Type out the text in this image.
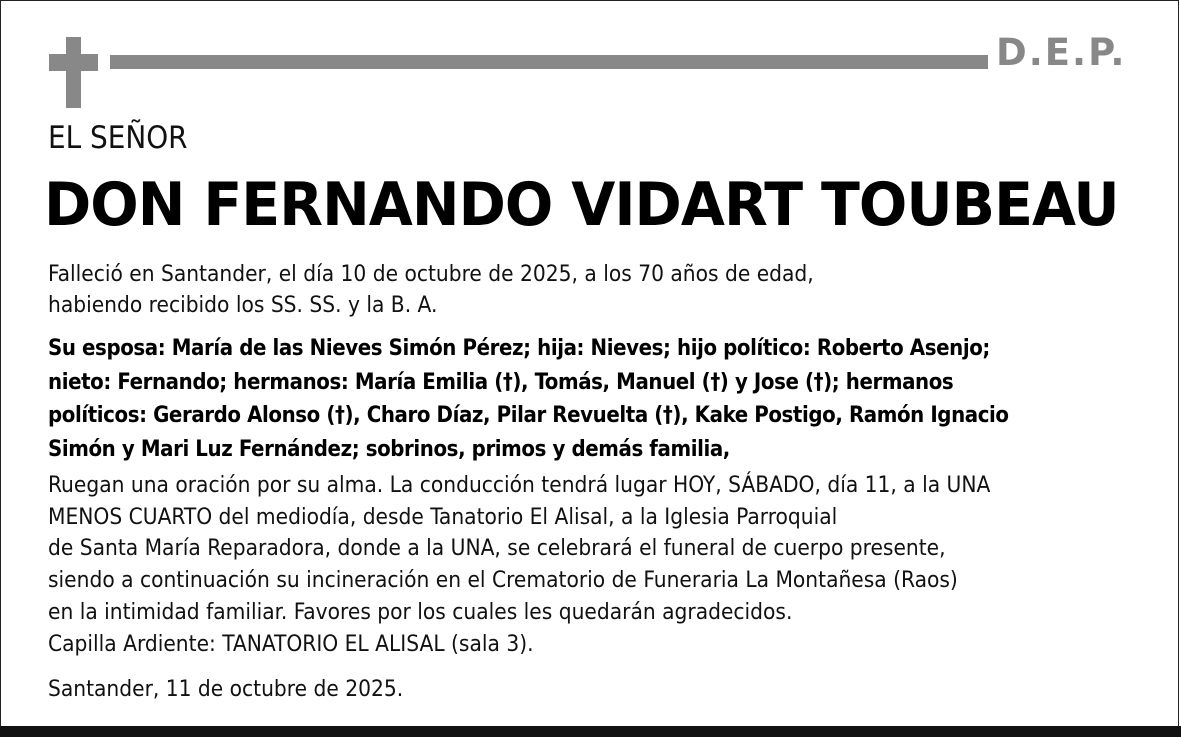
D.E.P.
EL SEÑOR
DON FERNANDO VIDART TOUBEAU
Falleció en Santander, el día 10 de octubre de 2025, a los 70 años de edad,
habiendo recibido los SS. SS. y la B. A.
Su esposa: María de las Nieves Simón Pérez; hija: Nieves; hijo político: Roberto Asenjo;
nieto: Fernando; hermanos: María Emilia (†), Tomás, Manuel (†) y Jose (†); hermanos
políticos: Gerardo Alonso (†), Charo Díaz, Pilar Revuelta (†), Kake Postigo, Ramón Ignacio
Simón y Mari Luz Fernández; sobrinos, primos y demás familia,
Ruegan una oración por su alma. La conducción tendrá lugar HOY, SÁBADO, día 11, a la UNA
MENOS CUARTO del mediodía, desde Tanatorio El Alisal, a la Iglesia Parroquial
de Santa María Reparadora, donde a la UNA, se celebrará el funeral de cuerpo presente,
siendo a continuación su incineración en el Crematorio de Funeraria La Montañesa (Raos)
en la intimidad familiar. Favores por los cuales les quedarán agradecidos.
Capilla Ardiente: TANATORIO EL ALISAL (sala 3).
Santander, 11 de octubre de 2025.
